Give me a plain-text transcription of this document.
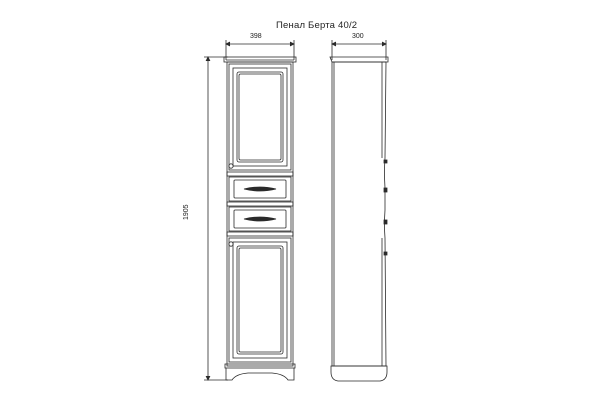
Пенал Берта 40/2
398	300
1905
